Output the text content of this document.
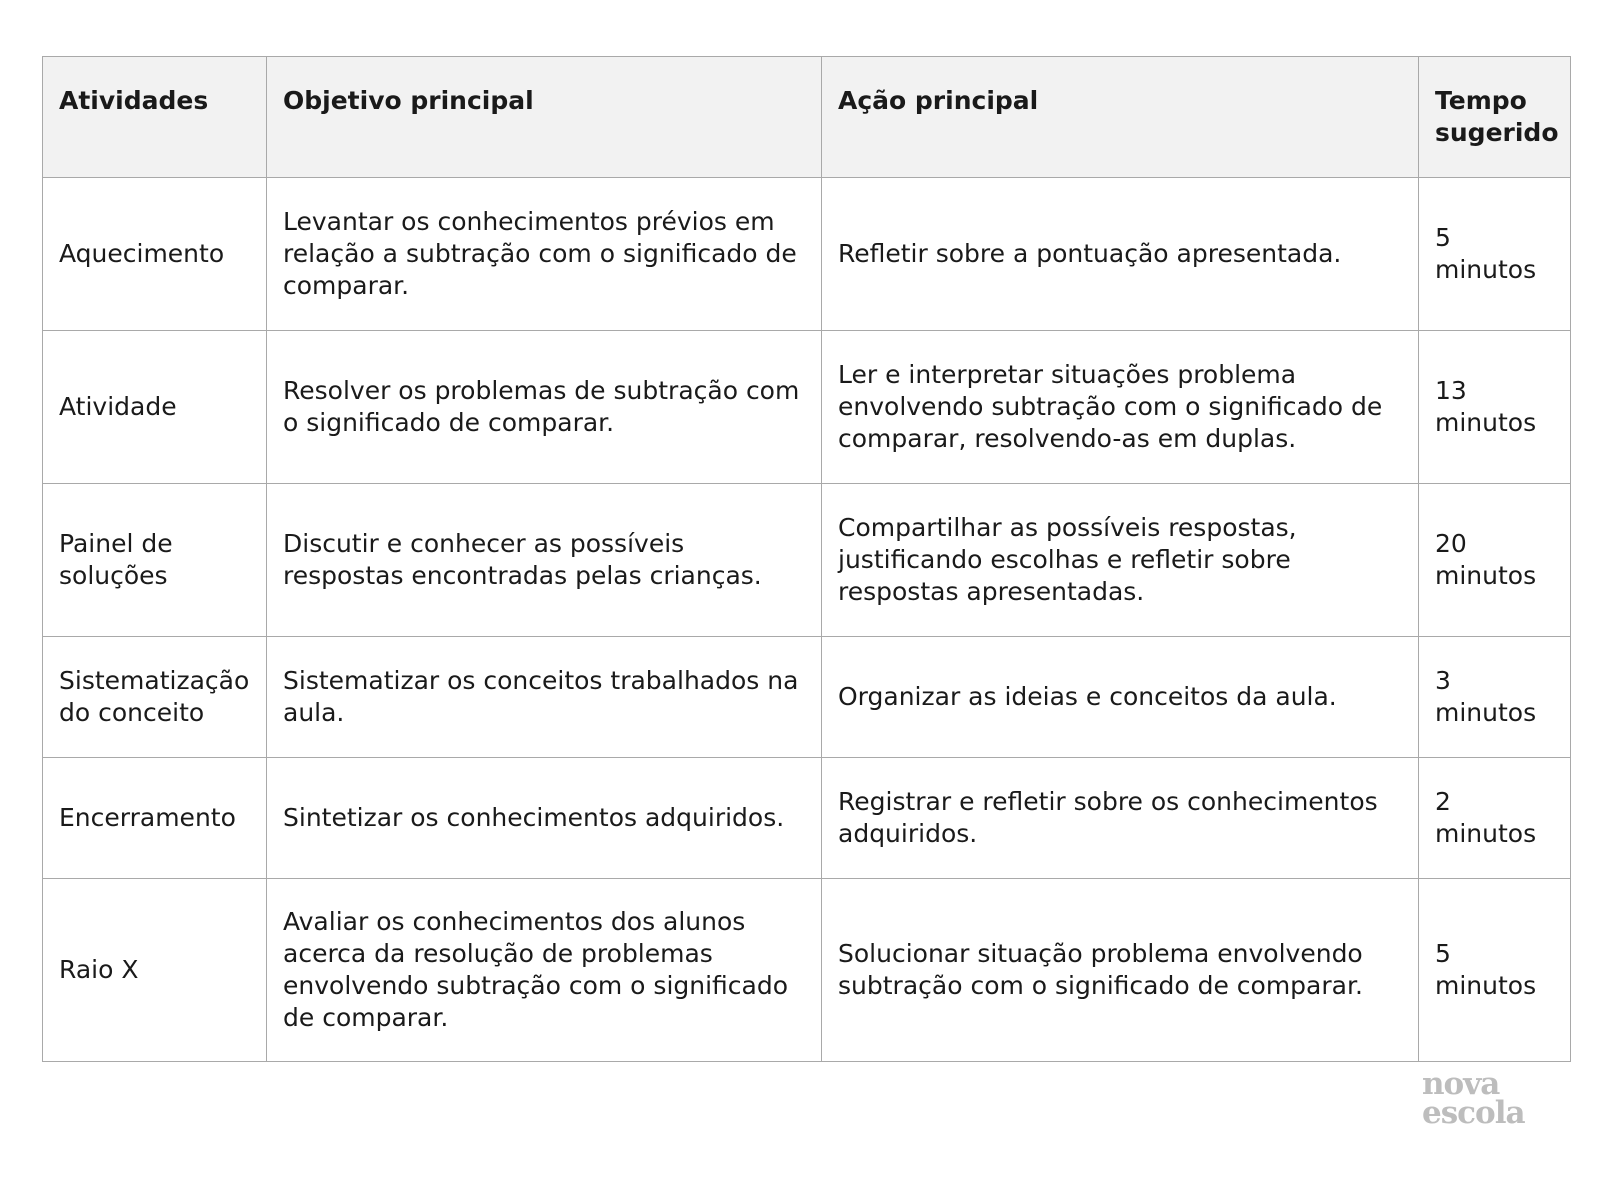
Atividades	Objetivo principal	Ação principal	Tempo sugerido
Aquecimento	Levantar os conhecimentos prévios em relação a subtração com o significado de comparar.	Refletir sobre a pontuação apresentada.	5 minutos
Atividade	Resolver os problemas de subtração com o significado de comparar.	Ler e interpretar situações problema envolvendo subtração com o significado de comparar, resolvendo-as em duplas.	13 minutos
Painel de soluções	Discutir e conhecer as possíveis respostas encontradas pelas crianças.	Compartilhar as possíveis respostas, justificando escolhas e refletir sobre respostas apresentadas.	20 minutos
Sistematização do conceito	Sistematizar os conceitos trabalhados na aula.	Organizar as ideias e conceitos da aula.	3 minutos
Encerramento	Sintetizar os conhecimentos adquiridos.	Registrar e refletir sobre os conhecimentos adquiridos.	2 minutos
Raio X	Avaliar os conhecimentos dos alunos acerca da resolução de problemas envolvendo subtração com o significado de comparar.	Solucionar situação problema envolvendo subtração com o significado de comparar.	5 minutos
nova
escola
